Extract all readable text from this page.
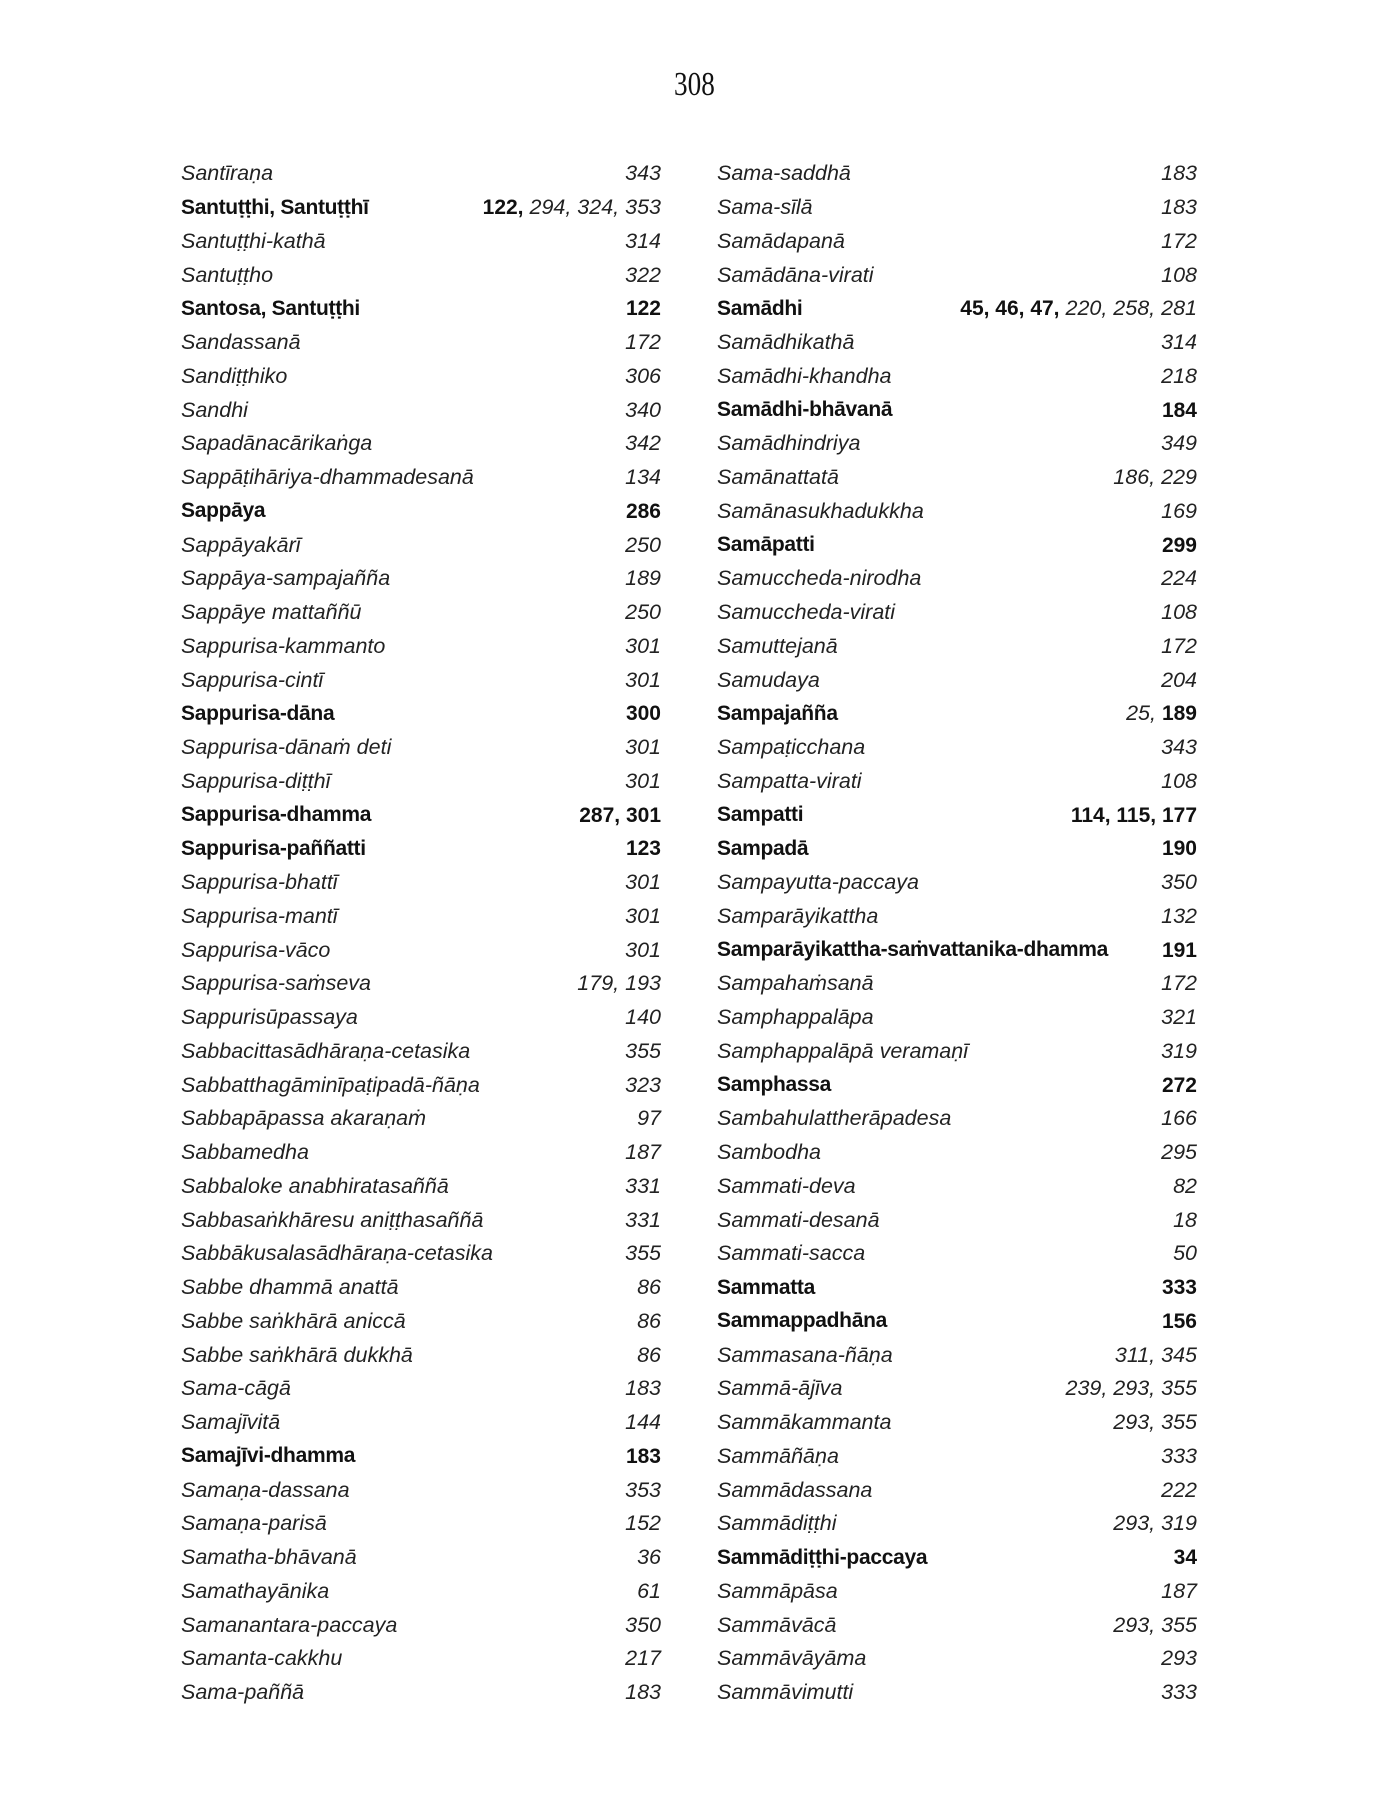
308
Santīraṇa	343
Santuṭṭhi, Santuṭṭhī	122, 294, 324, 353
Santuṭṭhi-kathā	314
Santuṭṭho	322
Santosa, Santuṭṭhi	122
Sandassanā	172
Sandiṭṭhiko	306
Sandhi	340
Sapadānacārikaṅga	342
Sappāṭihāriya-dhammadesanā	134
Sappāya	286
Sappāyakārī	250
Sappāya-sampajañña	189
Sappāye mattaññū	250
Sappurisa-kammanto	301
Sappurisa-cintī	301
Sappurisa-dāna	300
Sappurisa-dānaṁ deti	301
Sappurisa-diṭṭhī	301
Sappurisa-dhamma	287, 301
Sappurisa-paññatti	123
Sappurisa-bhattī	301
Sappurisa-mantī	301
Sappurisa-vāco	301
Sappurisa-saṁseva	179, 193
Sappurisūpassaya	140
Sabbacittasādhāraṇa-cetasika	355
Sabbatthagāminīpaṭipadā-ñāṇa	323
Sabbapāpassa akaraṇaṁ	97
Sabbamedha	187
Sabbaloke anabhiratasaññā	331
Sabbasaṅkhāresu aniṭṭhasaññā	331
Sabbākusalasādhāraṇa-cetasika	355
Sabbe dhammā anattā	86
Sabbe saṅkhārā aniccā	86
Sabbe saṅkhārā dukkhā	86
Sama-cāgā	183
Samajīvitā	144
Samajīvi-dhamma	183
Samaṇa-dassana	353
Samaṇa-parisā	152
Samatha-bhāvanā	36
Samathayānika	61
Samanantara-paccaya	350
Samanta-cakkhu	217
Sama-paññā	183
Sama-saddhā	183
Sama-sīlā	183
Samādapanā	172
Samādāna-virati	108
Samādhi	45, 46, 47, 220, 258, 281
Samādhikathā	314
Samādhi-khandha	218
Samādhi-bhāvanā	184
Samādhindriya	349
Samānattatā	186, 229
Samānasukhadukkha	169
Samāpatti	299
Samuccheda-nirodha	224
Samuccheda-virati	108
Samuttejanā	172
Samudaya	204
Sampajañña	25, 189
Sampaṭicchana	343
Sampatta-virati	108
Sampatti	114, 115, 177
Sampadā	190
Sampayutta-paccaya	350
Samparāyikattha	132
Samparāyikattha-saṁvattanika-dhamma	191
Sampahaṁsanā	172
Samphappalāpa	321
Samphappalāpā veramaṇī	319
Samphassa	272
Sambahulattherāpadesa	166
Sambodha	295
Sammati-deva	82
Sammati-desanā	18
Sammati-sacca	50
Sammatta	333
Sammappadhāna	156
Sammasana-ñāṇa	311, 345
Sammā-ājīva	239, 293, 355
Sammākammanta	293, 355
Sammāñāṇa	333
Sammādassana	222
Sammādiṭṭhi	293, 319
Sammādiṭṭhi-paccaya	34
Sammāpāsa	187
Sammāvācā	293, 355
Sammāvāyāma	293
Sammāvimutti	333
